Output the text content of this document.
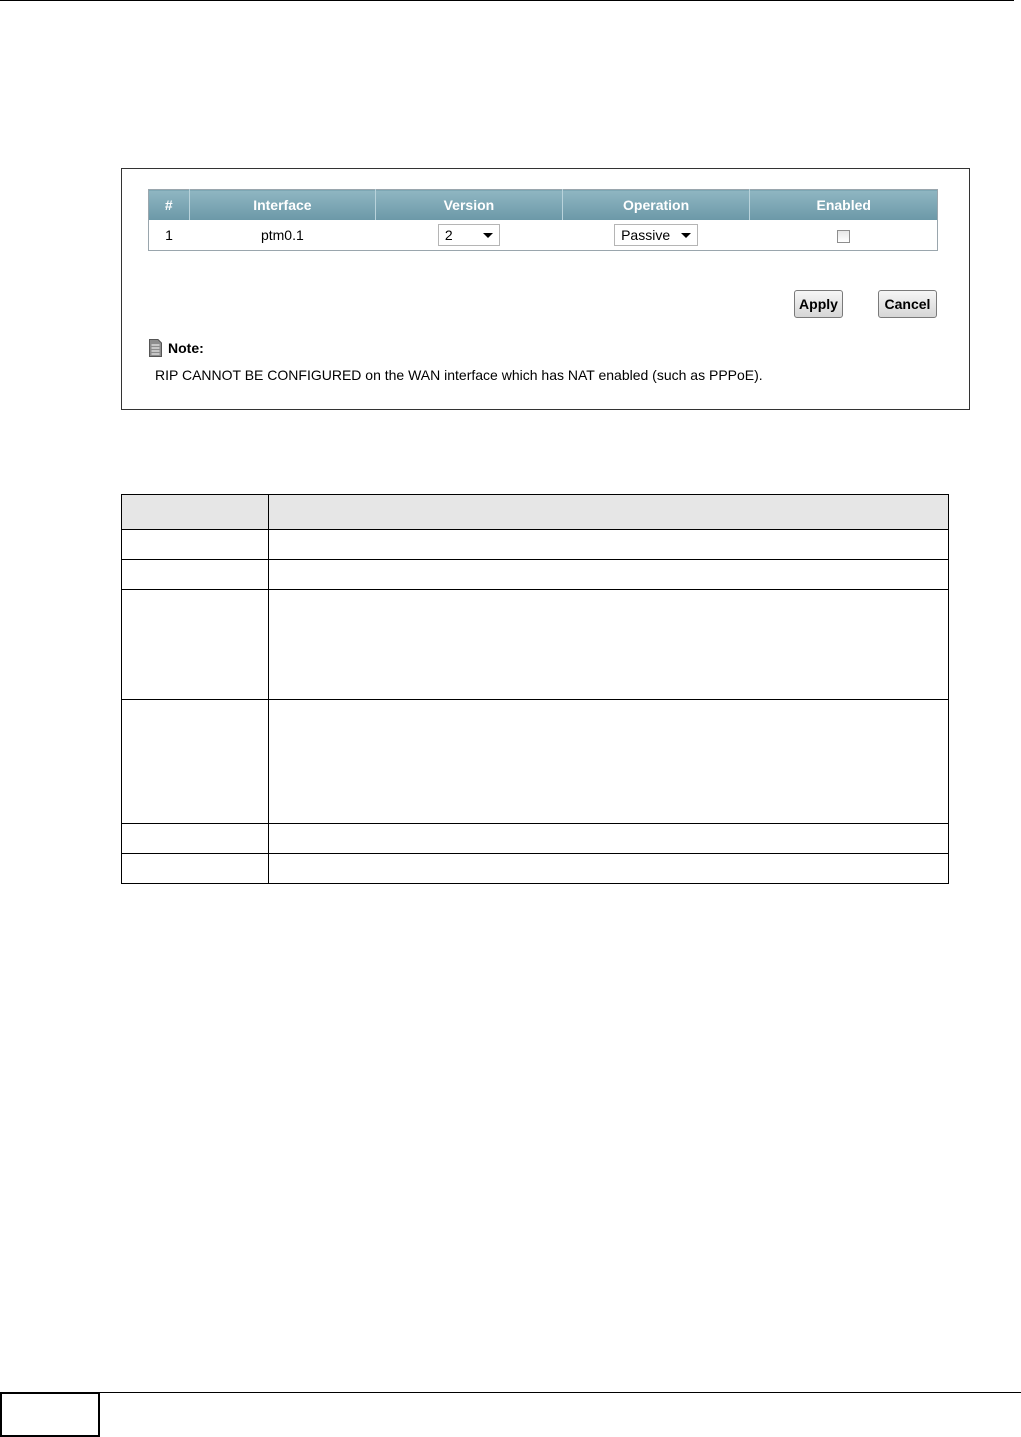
#	Interface	Version	Operation	Enabled
1	ptm0.1	2	Passive	

Apply	Cancel
Note:
RIP CANNOT BE CONFIGURED on the WAN interface which has NAT enabled (such as PPPoE).
